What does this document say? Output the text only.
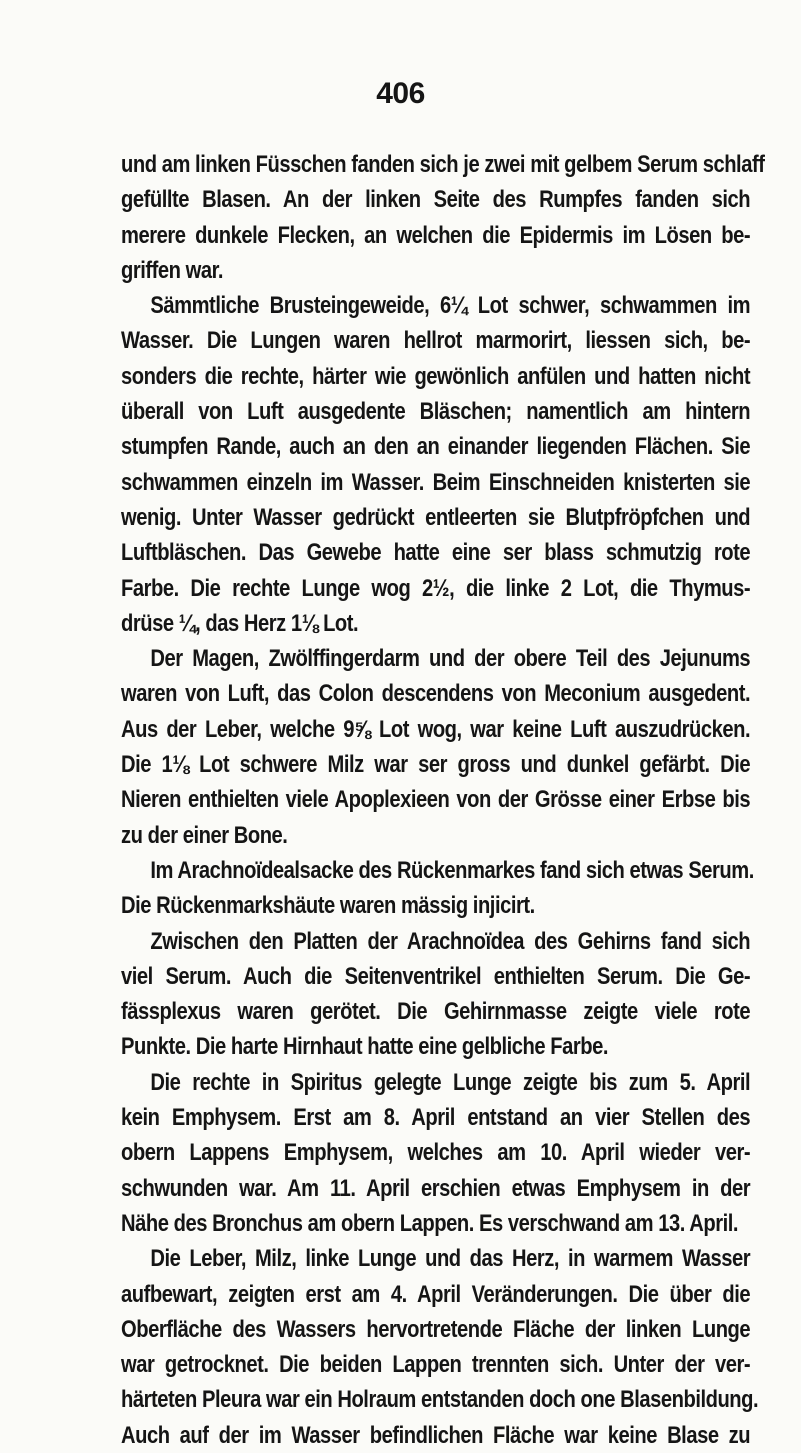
406
und am linken Füsschen fanden sich je zwei mit gelbem Serum schlaff
gefüllte Blasen. An der linken Seite des Rumpfes fanden sich
merere dunkele Flecken, an welchen die Epidermis im Lösen be-
griffen war.
Sämmtliche Brusteingeweide, 6¼ Lot schwer, schwammen im
Wasser. Die Lungen waren hellrot marmorirt, liessen sich, be-
sonders die rechte, härter wie gewönlich anfülen und hatten nicht
überall von Luft ausgedente Bläschen; namentlich am hintern
stumpfen Rande, auch an den an einander liegenden Flächen. Sie
schwammen einzeln im Wasser. Beim Einschneiden knisterten sie
wenig. Unter Wasser gedrückt entleerten sie Blutpfröpfchen und
Luftbläschen. Das Gewebe hatte eine ser blass schmutzig rote
Farbe. Die rechte Lunge wog 2½, die linke 2 Lot, die Thymus-
drüse ¼, das Herz 1⅛ Lot.
Der Magen, Zwölffingerdarm und der obere Teil des Jejunums
waren von Luft, das Colon descendens von Meconium ausgedent.
Aus der Leber, welche 9⅝ Lot wog, war keine Luft auszudrücken.
Die 1⅛ Lot schwere Milz war ser gross und dunkel gefärbt. Die
Nieren enthielten viele Apoplexieen von der Grösse einer Erbse bis
zu der einer Bone.
Im Arachnoïdealsacke des Rückenmarkes fand sich etwas Serum.
Die Rückenmarkshäute waren mässig injicirt.
Zwischen den Platten der Arachnoïdea des Gehirns fand sich
viel Serum. Auch die Seitenventrikel enthielten Serum. Die Ge-
fässplexus waren gerötet. Die Gehirnmasse zeigte viele rote
Punkte. Die harte Hirnhaut hatte eine gelbliche Farbe.
Die rechte in Spiritus gelegte Lunge zeigte bis zum 5. April
kein Emphysem. Erst am 8. April entstand an vier Stellen des
obern Lappens Emphysem, welches am 10. April wieder ver-
schwunden war. Am 11. April erschien etwas Emphysem in der
Nähe des Bronchus am obern Lappen. Es verschwand am 13. April.
Die Leber, Milz, linke Lunge und das Herz, in warmem Wasser
aufbewart, zeigten erst am 4. April Veränderungen. Die über die
Oberfläche des Wassers hervortretende Fläche der linken Lunge
war getrocknet. Die beiden Lappen trennten sich. Unter der ver-
härteten Pleura war ein Holraum entstanden doch one Blasenbildung.
Auch auf der im Wasser befindlichen Fläche war keine Blase zu
